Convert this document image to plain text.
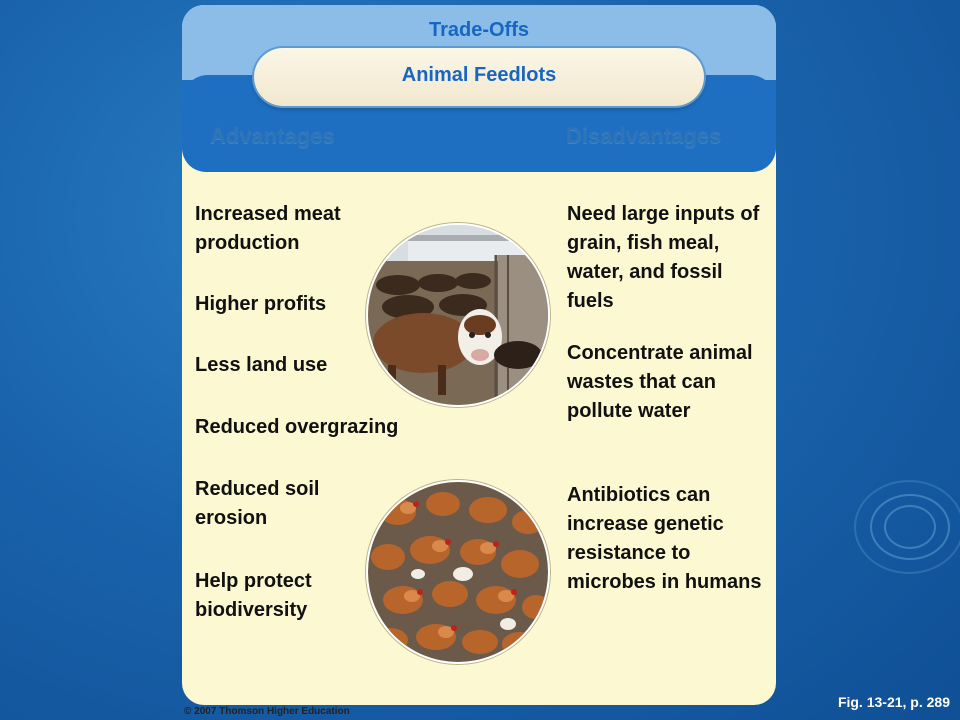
Trade-Offs
Animal Feedlots
Advantages	Disadvantages
Increased meat production
Higher profits
Less land use
Reduced overgrazing
Reduced soil erosion
Help protect biodiversity
Need large inputs of grain, fish meal, water, and fossil fuels
Concentrate animal wastes that can pollute water
Antibiotics can increase genetic resistance to microbes in humans
© 2007 Thomson Higher Education
Fig. 13-21, p. 289
